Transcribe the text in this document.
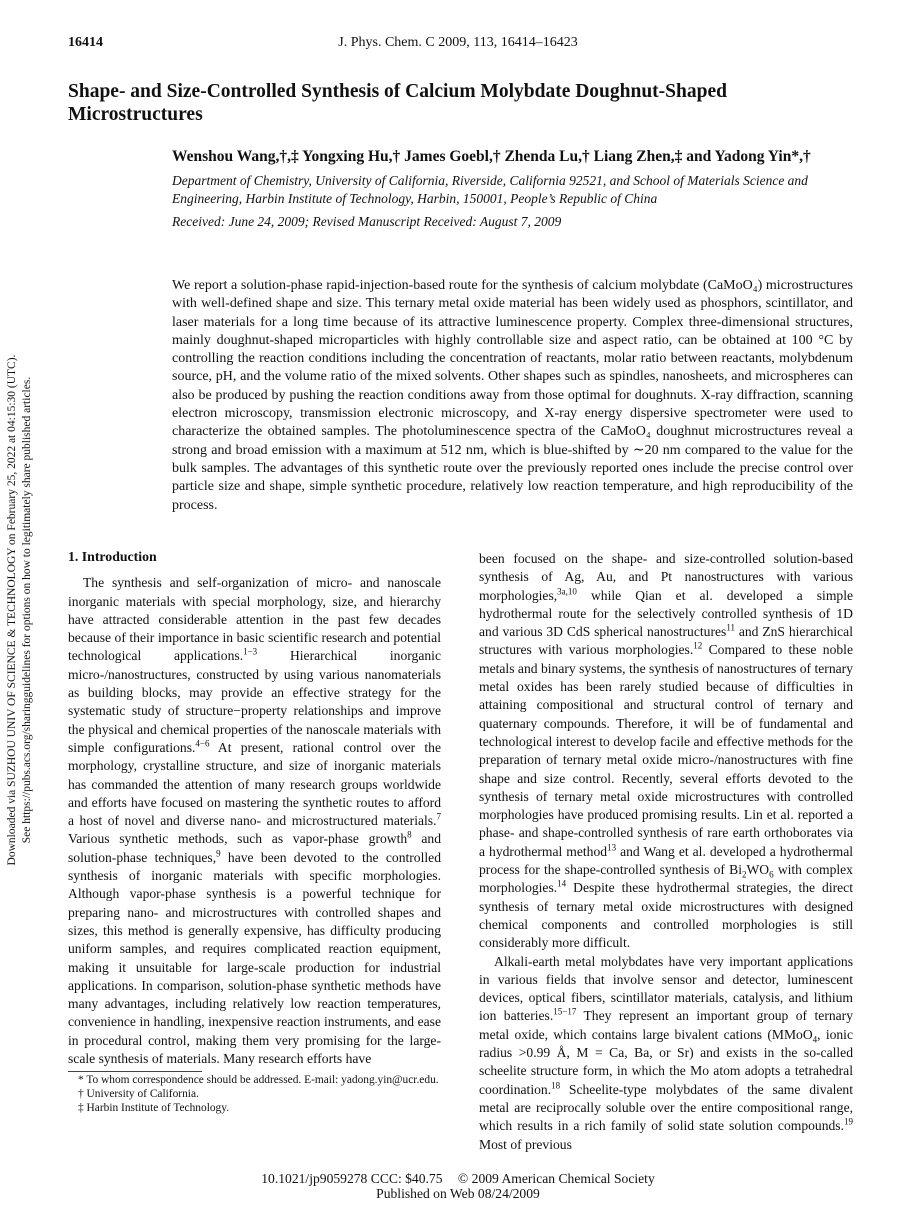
16414	J. Phys. Chem. C 2009, 113, 16414–16423
Shape- and Size-Controlled Synthesis of Calcium Molybdate Doughnut-Shaped Microstructures
Wenshou Wang,†,‡ Yongxing Hu,† James Goebl,† Zhenda Lu,† Liang Zhen,‡ and Yadong Yin*,†
Department of Chemistry, University of California, Riverside, California 92521, and School of Materials Science and Engineering, Harbin Institute of Technology, Harbin, 150001, People’s Republic of China
Received: June 24, 2009; Revised Manuscript Received: August 7, 2009
We report a solution-phase rapid-injection-based route for the synthesis of calcium molybdate (CaMoO₄) microstructures with well-defined shape and size. This ternary metal oxide material has been widely used as phosphors, scintillator, and laser materials for a long time because of its attractive luminescence property. Complex three-dimensional structures, mainly doughnut-shaped microparticles with highly controllable size and aspect ratio, can be obtained at 100 °C by controlling the reaction conditions including the concentration of reactants, molar ratio between reactants, molybdenum source, pH, and the volume ratio of the mixed solvents. Other shapes such as spindles, nanosheets, and microspheres can also be produced by pushing the reaction conditions away from those optimal for doughnuts. X-ray diffraction, scanning electron microscopy, transmission electronic microscopy, and X-ray energy dispersive spectrometer were used to characterize the obtained samples. The photoluminescence spectra of the CaMoO₄ doughnut microstructures reveal a strong and broad emission with a maximum at 512 nm, which is blue-shifted by ∼20 nm compared to the value for the bulk samples. The advantages of this synthetic route over the previously reported ones include the precise control over particle size and shape, simple synthetic procedure, relatively low reaction temperature, and high reproducibility of the process.
Downloaded via SUZHOU UNIV OF SCIENCE & TECHNOLOGY on February 25, 2022 at 04:15:30 (UTC). See https://pubs.acs.org/sharingguidelines for options on how to legitimately share published articles.	1. Introduction

The synthesis and self-organization of micro- and nanoscale inorganic materials with special morphology, size, and hierarchy have attracted considerable attention in the past few decades because of their importance in basic scientific research and potential technological applications.$^{1-3}$ Hierarchical inorganic micro-/nanostructures, constructed by using various nanomaterials as building blocks, may provide an effective strategy for the systematic study of structure−property relationships and improve the physical and chemical properties of the nanoscale materials with simple configurations.$^{4-6}$ At present, rational control over the morphology, crystalline structure, and size of inorganic materials has commanded the attention of many research groups worldwide and efforts have focused on mastering the synthetic routes to afford a host of novel and diverse nano- and microstructured materials.$^7$ Various synthetic methods, such as vapor-phase growth$^8$ and solution-phase techniques,$^9$ have been devoted to the controlled synthesis of inorganic materials with specific morphologies. Although vapor-phase synthesis is a powerful technique for preparing nano- and microstructures with controlled shapes and sizes, this method is generally expensive, has difficulty producing uniform samples, and requires complicated reaction equipment, making it unsuitable for large-scale production for industrial applications. In comparison, solution-phase synthetic methods have many advantages, including relatively low reaction temperatures, convenience in handling, inexpensive reaction instruments, and ease in procedural control, making them very promising for the large-scale synthesis of materials. Many research efforts have

been focused on the shape- and size-controlled solution-based synthesis of Ag, Au, and Pt nanostructures with various morphologies,$^{3a,10}$ while Qian et al. developed a simple hydrothermal route for the selectively controlled synthesis of 1D and various 3D CdS spherical nanostructures$^{11}$ and ZnS hierarchical structures with various morphologies.$^{12}$ Compared to these noble metals and binary systems, the synthesis of nanostructures of ternary metal oxides has been rarely studied because of difficulties in attaining compositional and structural control of ternary and quaternary compounds. Therefore, it will be of fundamental and technological interest to develop facile and effective methods for the preparation of ternary metal oxide micro-/nanostructures with fine shape and size control. Recently, several efforts devoted to the synthesis of ternary metal oxide microstructures with controlled morphologies have produced promising results. Lin et al. reported a phase- and shape-controlled synthesis of rare earth orthoborates via a hydrothermal method$^{13}$ and Wang et al. developed a hydrothermal process for the shape-controlled synthesis of $Bi_2WO_6$ with complex morphologies.$^{14}$ Despite these hydrothermal strategies, the direct synthesis of ternary metal oxide microstructures with designed chemical components and controlled morphologies is still considerably more difficult.

Alkali-earth metal molybdates have very important applications in various fields that involve sensor and detector, luminescent devices, optical fibers, scintillator materials, catalysis, and lithium ion batteries.$^{15-17}$ They represent an important group of ternary metal oxide, which contains large bivalent cations (MMoO$_4$, ionic radius >0.99 Å, M = Ca, Ba, or Sr) and exists in the so-called scheelite structure form, in which the Mo atom adopts a tetrahedral coordination.$^{18}$ Scheelite-type molybdates of the same divalent metal are reciprocally soluble over the entire compositional range, which results in a rich family of solid state solution compounds.$^{19}$ Most of previous

* To whom correspondence should be addressed. E-mail: yadong.yin@ucr.edu.
† University of California.
‡ Harbin Institute of Technology.
10.1021/jp9059278 CCC: $40.75 © 2009 American Chemical Society
Published on Web 08/24/2009
